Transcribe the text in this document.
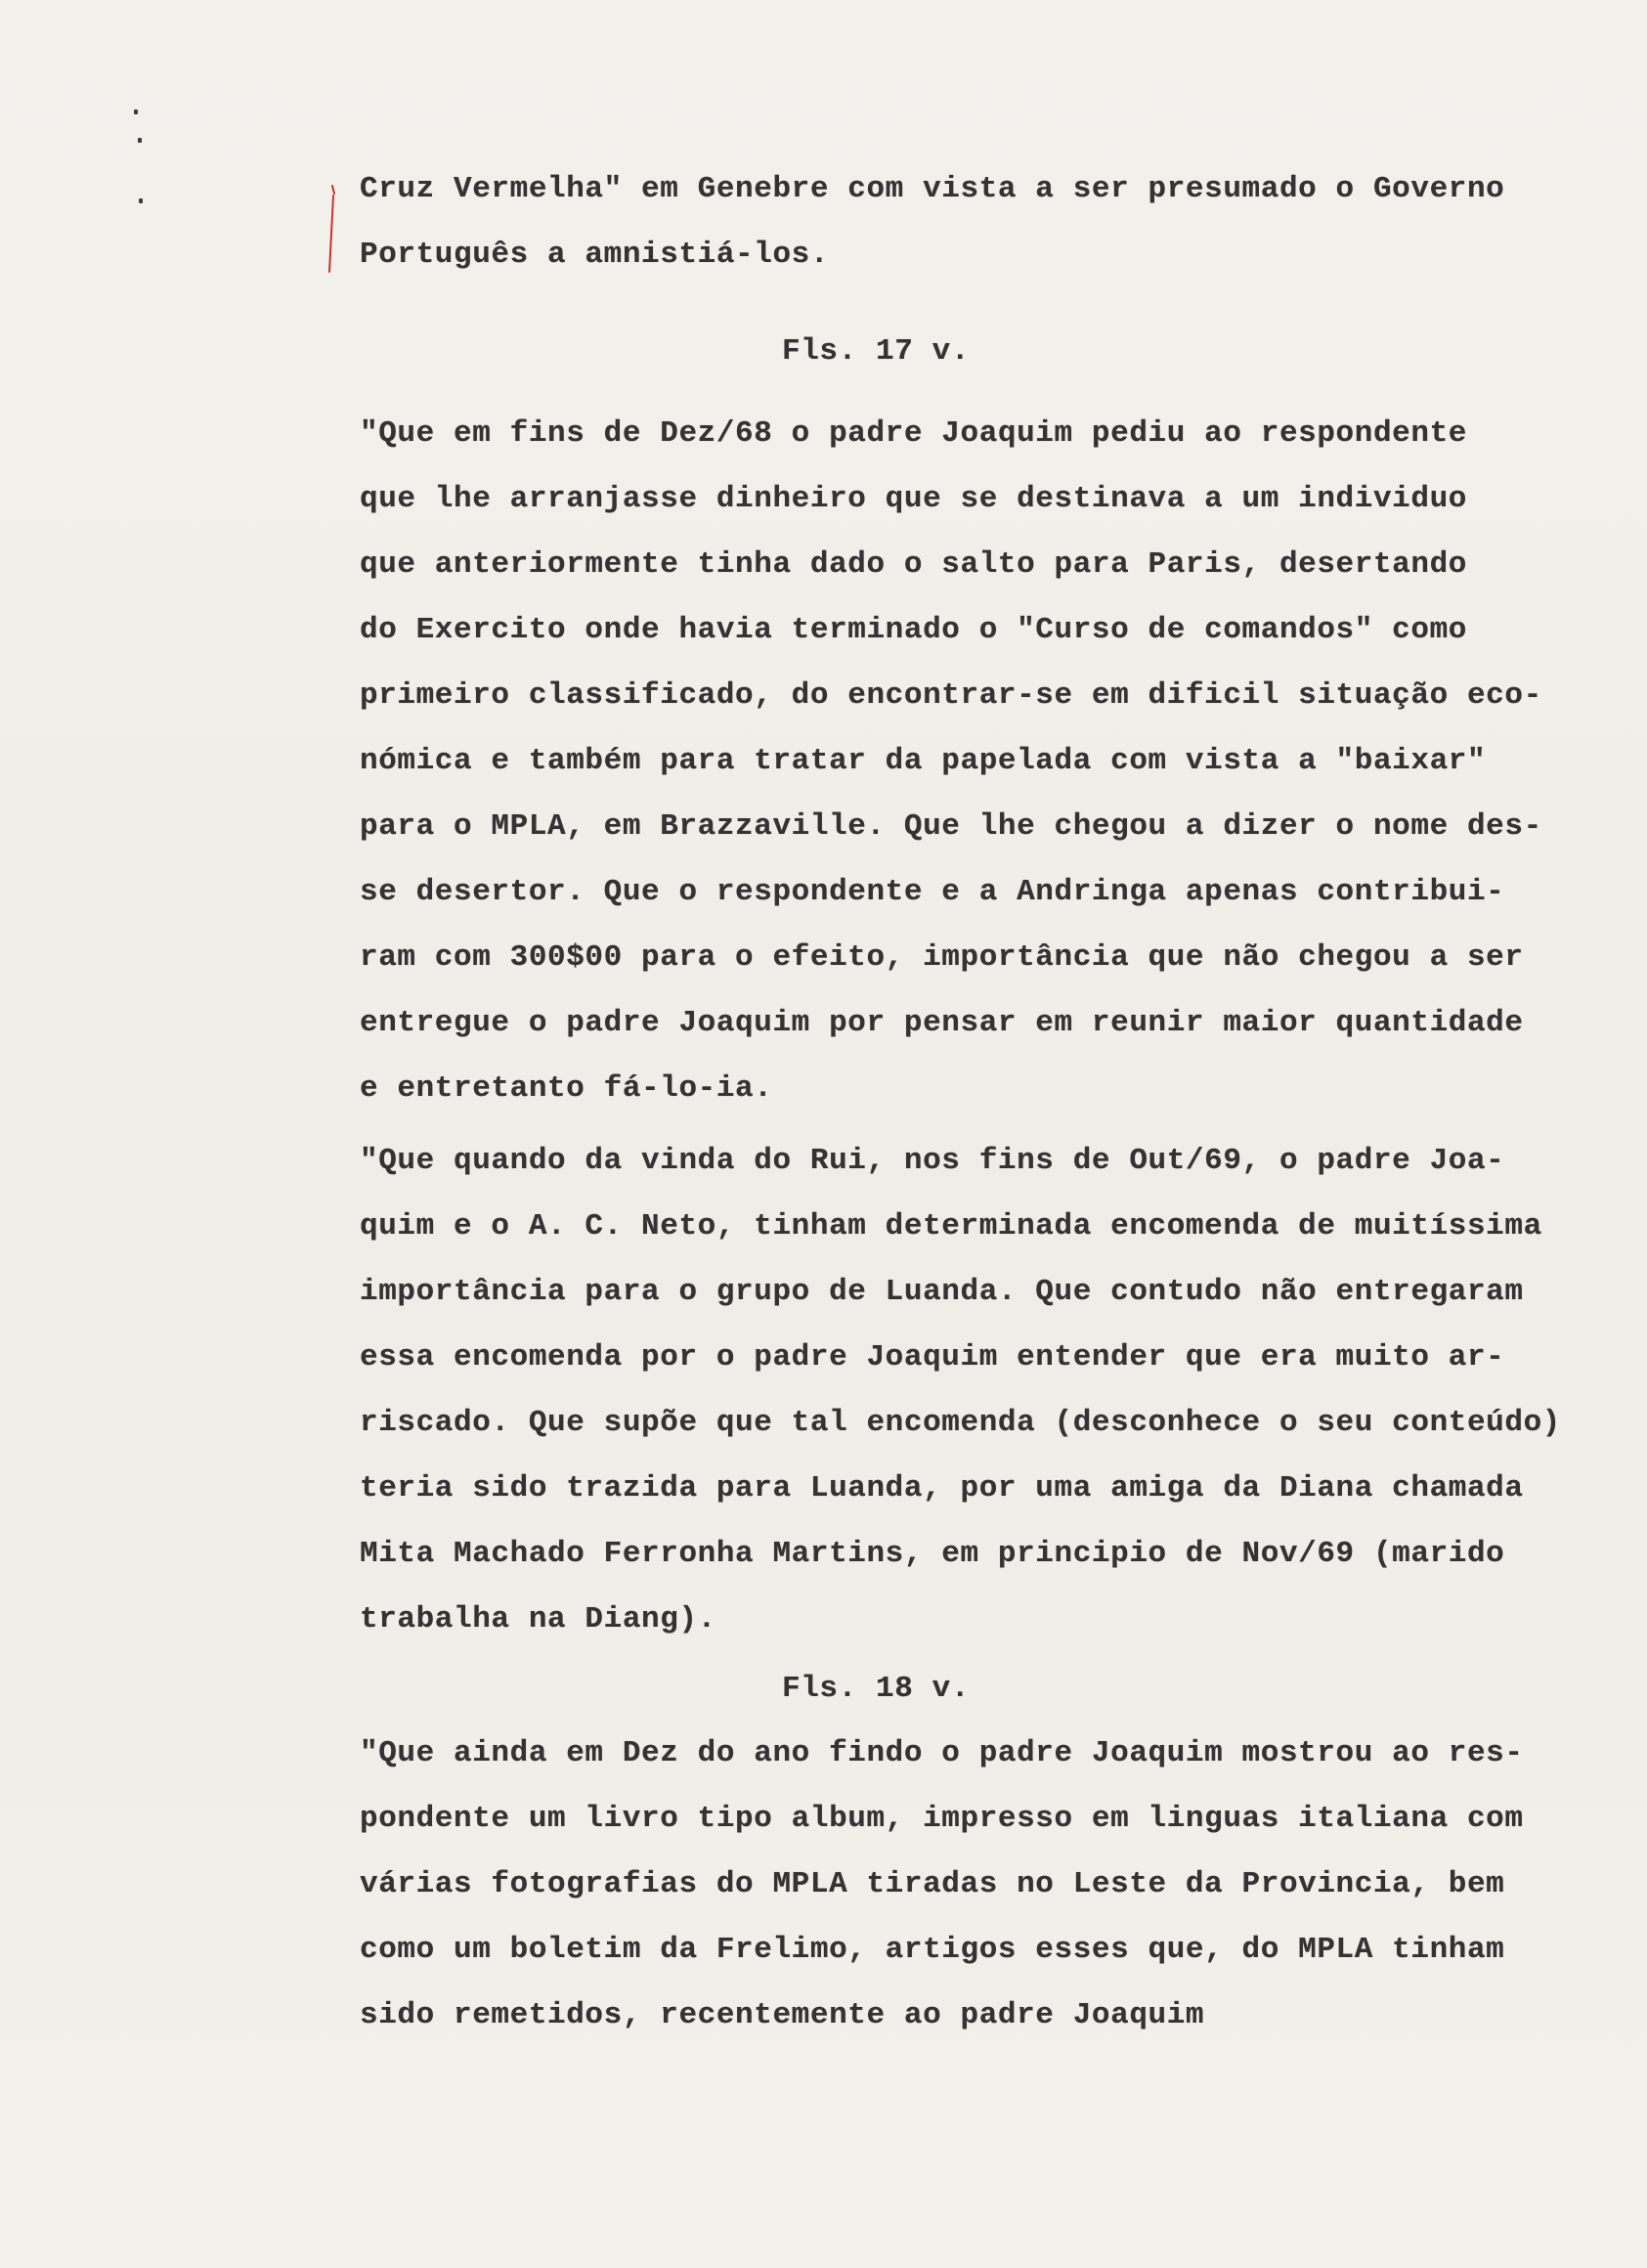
Cruz Vermelha" em Genebre com vista a ser presumado o Governo
Português a amnistiá-los.
Fls. 17 v.
"Que em fins de Dez/68 o padre Joaquim pediu ao respondente
que lhe arranjasse dinheiro que se destinava a um individuo
que anteriormente tinha dado o salto para Paris, desertando
do Exercito onde havia terminado o "Curso de comandos" como
primeiro classificado, do encontrar-se em dificil situação eco-
nómica e também para tratar da papelada com vista a "baixar"
para o MPLA, em Brazzaville. Que lhe chegou a dizer o nome des-
se desertor. Que o respondente e a Andringa apenas contribui-
ram com 300$00 para o efeito, importância que não chegou a ser
entregue o padre Joaquim por pensar em reunir maior quantidade
e entretanto fá-lo-ia.
"Que quando da vinda do Rui, nos fins de Out/69, o padre Joa-
quim e o A. C. Neto, tinham determinada encomenda de muitíssima
importância para o grupo de Luanda. Que contudo não entregaram
essa encomenda por o padre Joaquim entender que era muito ar-
riscado. Que supõe que tal encomenda (desconhece o seu conteúdo)
teria sido trazida para Luanda, por uma amiga da Diana chamada
Mita Machado Ferronha Martins, em principio de Nov/69 (marido
trabalha na Diang).
Fls. 18 v.
"Que ainda em Dez do ano findo o padre Joaquim mostrou ao res-
pondente um livro tipo album, impresso em linguas italiana com
várias fotografias do MPLA tiradas no Leste da Provincia, bem
como um boletim da Frelimo, artigos esses que, do MPLA tinham
sido remetidos, recentemente ao padre Joaquim
